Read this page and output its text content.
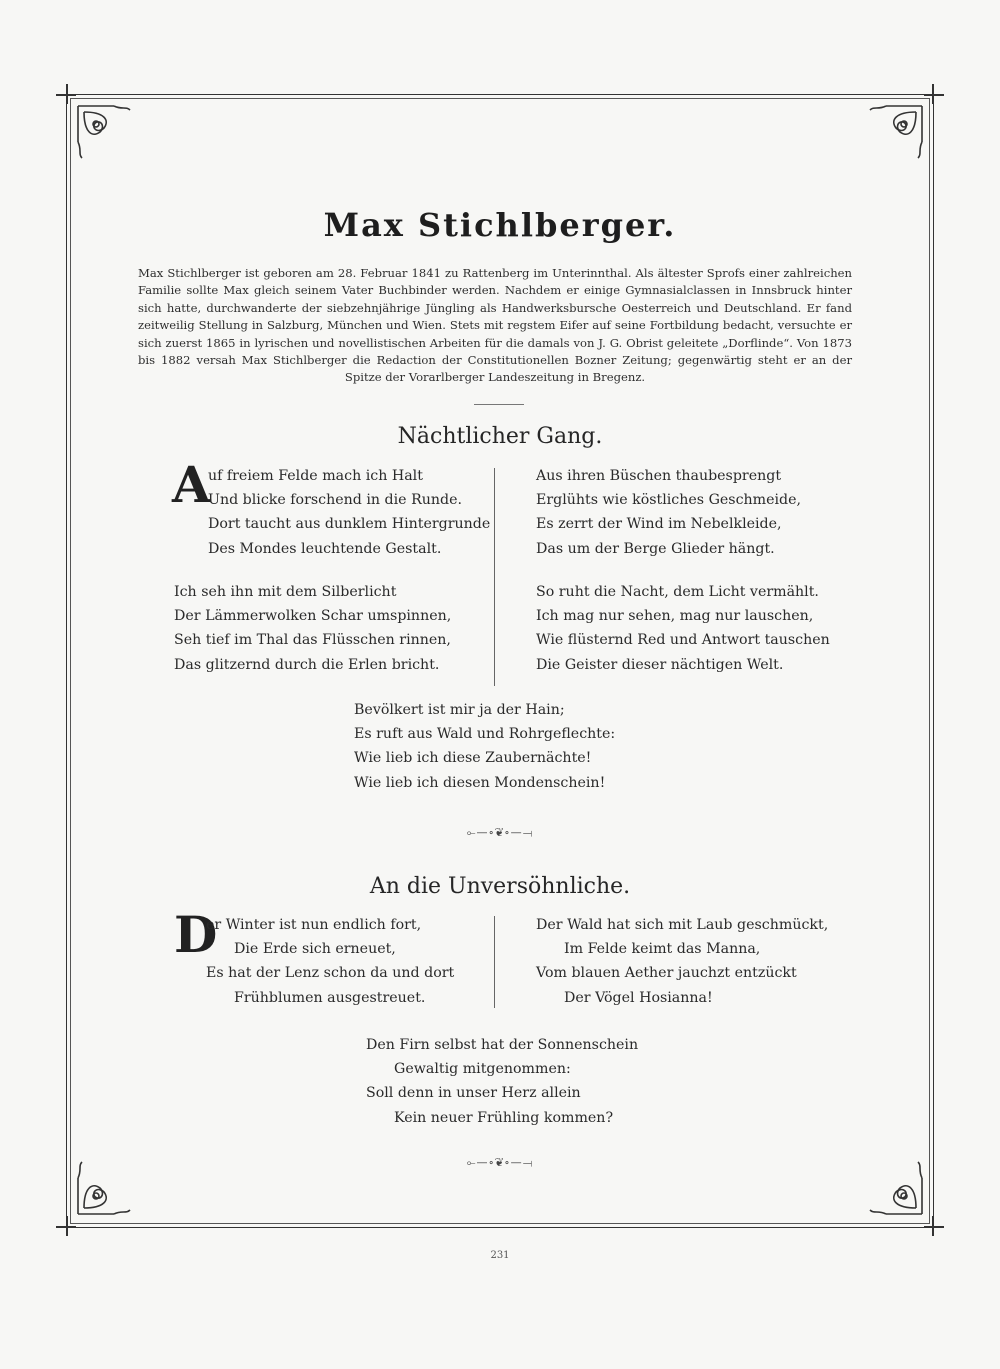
Max Stichlberger.
Max Stichlberger ist geboren am 28. Februar 1841 zu Rattenberg im Unterinnthal. Als ältester Sprofs einer zahlreichen Familie sollte Max gleich seinem Vater Buchbinder werden. Nachdem er einige Gymnasialclassen in Innsbruck hinter sich hatte, durchwanderte der siebzehnjährige Jüngling als Handwerksbursche Oesterreich und Deutschland. Er fand zeitweilig Stellung in Salzburg, München und Wien. Stets mit regstem Eifer auf seine Fortbildung bedacht, versuchte er sich zuerst 1865 in lyrischen und novellistischen Arbeiten für die damals von J. G. Obrist geleitete „Dorflinde“. Von 1873 bis 1882 versah Max Stichlberger die Redaction der Constitutionellen Bozner Zeitung; gegenwärtig steht er an der Spitze der Vorarlberger Landeszeitung in Bregenz.
Nächtlicher Gang.
A
uf freiem Felde mach ich Halt
Und blicke forschend in die Runde.
Dort taucht aus dunklem Hintergrunde
Des Mondes leuchtende Gestalt.
Ich seh ihn mit dem Silberlicht
Der Lämmerwolken Schar umspinnen,
Seh tief im Thal das Flüsschen rinnen,
Das glitzernd durch die Erlen bricht.
Aus ihren Büschen thaubesprengt
Erglühts wie köstliches Geschmeide,
Es zerrt der Wind im Nebelkleide,
Das um der Berge Glieder hängt.
So ruht die Nacht, dem Licht vermählt.
Ich mag nur sehen, mag nur lauschen,
Wie flüsternd Red und Antwort tauschen
Die Geister dieser nächtigen Welt.
Bevölkert ist mir ja der Hain;
Es ruft aus Wald und Rohrgeflechte:
Wie lieb ich diese Zaubernächte!
Wie lieb ich diesen Mondenschein!
⟜—∘❦∘—⟞
An die Unversöhnliche.
D
er Winter ist nun endlich fort,
Die Erde sich erneuet,
Es hat der Lenz schon da und dort
Frühblumen ausgestreuet.
Der Wald hat sich mit Laub geschmückt,
Im Felde keimt das Manna,
Vom blauen Aether jauchzt entzückt
Der Vögel Hosianna!
Den Firn selbst hat der Sonnenschein
Gewaltig mitgenommen:
Soll denn in unser Herz allein
Kein neuer Frühling kommen?
⟜—∘❦∘—⟞
231
